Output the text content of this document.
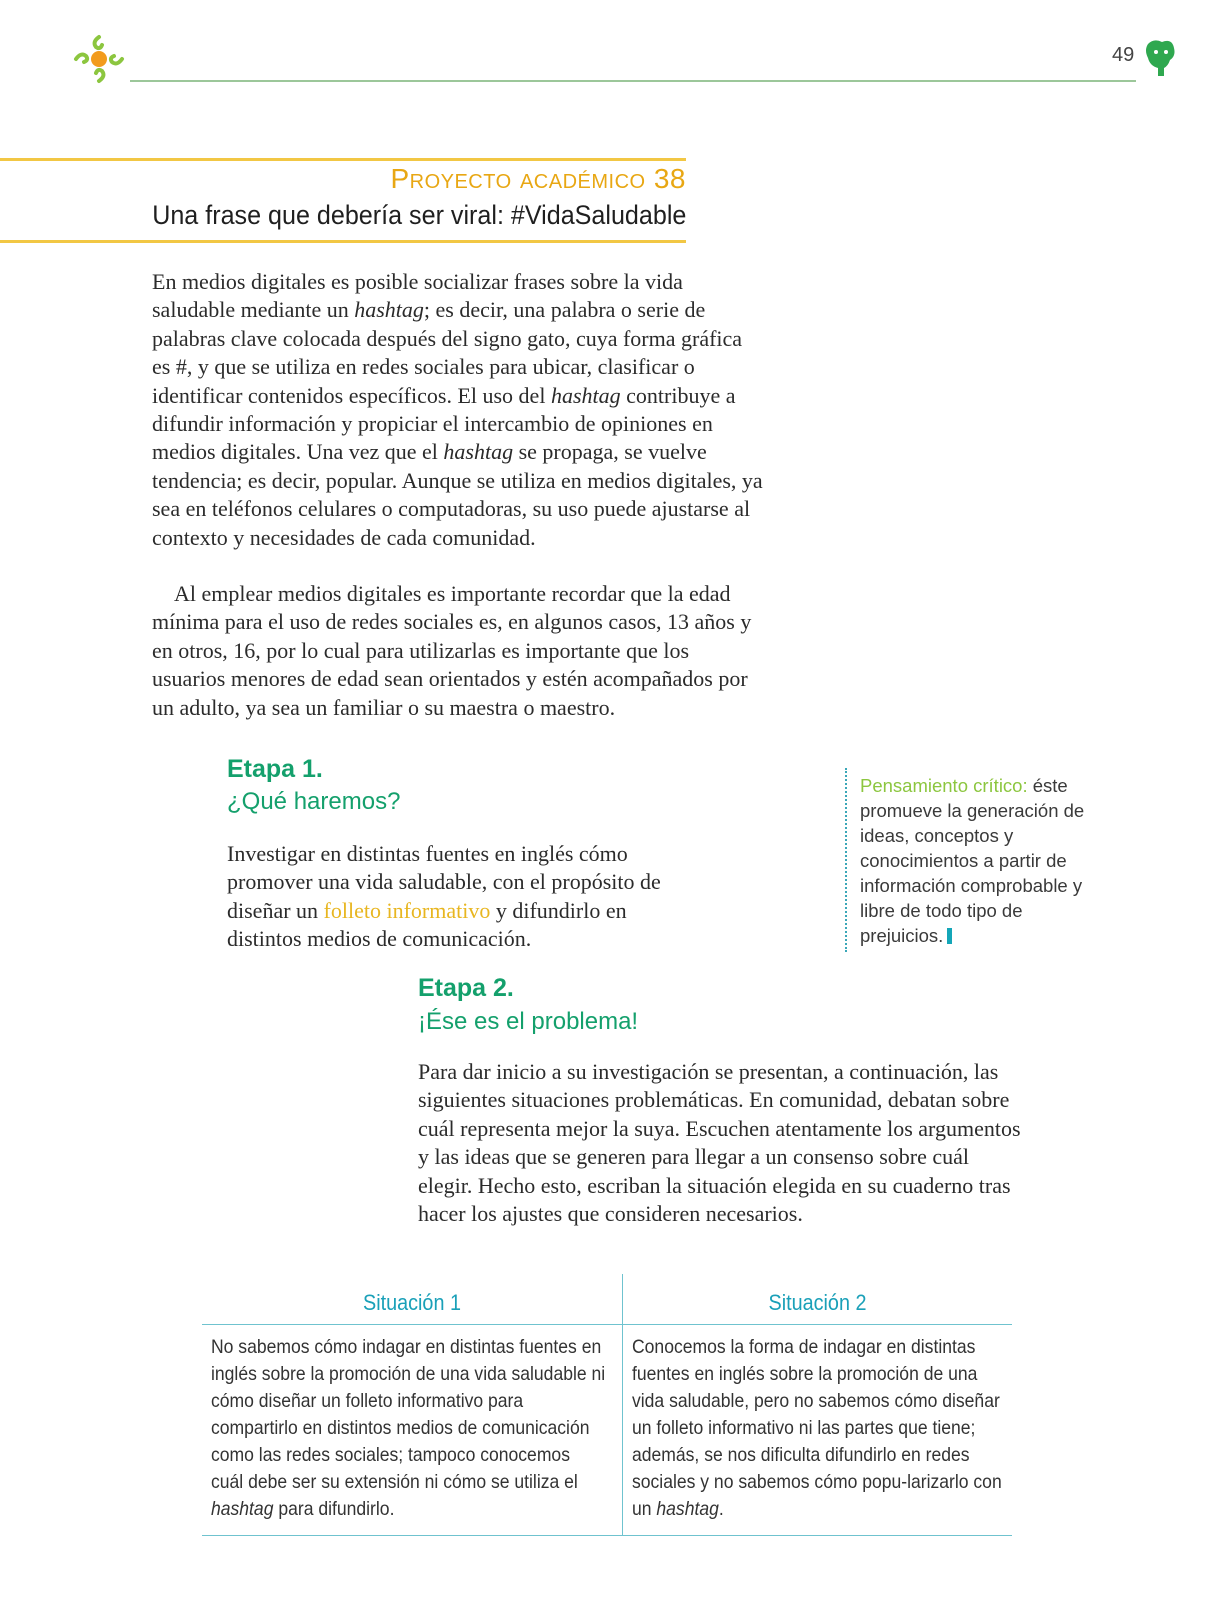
49
Proyecto académico 38
Una frase que debería ser viral: #VidaSaludable
En medios digitales es posible socializar frases sobre la vida saludable mediante un hashtag; es decir, una palabra o serie de palabras clave colocada después del signo gato, cuya forma gráfica es #, y que se utiliza en redes sociales para ubicar, clasificar o identificar contenidos específicos. El uso del hashtag contribuye a difundir información y propiciar el intercambio de opiniones en medios digitales. Una vez que el hashtag se propaga, se vuelve tendencia; es decir, popular. Aunque se utiliza en medios digitales, ya sea en teléfonos celulares o computadoras, su uso puede ajustarse al contexto y necesidades de cada comunidad.
Al emplear medios digitales es importante recordar que la edad mínima para el uso de redes sociales es, en algunos casos, 13 años y en otros, 16, por lo cual para utilizarlas es importante que los usuarios menores de edad sean orientados y estén acompañados por un adulto, ya sea un familiar o su maestra o maestro.
Etapa 1.
¿Qué haremos?
Investigar en distintas fuentes en inglés cómo promover una vida saludable, con el propósito de diseñar un folleto informativo y difundirlo en distintos medios de comunicación.
Pensamiento crítico: éste promueve la generación de ideas, conceptos y conocimientos a partir de información comprobable y libre de todo tipo de prejuicios.
Etapa 2.
¡Ése es el problema!
Para dar inicio a su investigación se presentan, a continuación, las siguientes situaciones problemáticas. En comunidad, debatan sobre cuál representa mejor la suya. Escuchen atentamente los argumentos y las ideas que se generen para llegar a un consenso sobre cuál elegir. Hecho esto, escriban la situación elegida en su cuaderno tras hacer los ajustes que consideren necesarios.
Situación 1	Situación 2
No sabemos cómo indagar en distintas fuentes en inglés sobre la promoción de una vida saludable ni cómo diseñar un folleto informativo para compartirlo en distintos medios de comunicación como las redes sociales; tampoco conocemos cuál debe ser su extensión ni cómo se utiliza el hashtag para difundirlo.
Conocemos la forma de indagar en distintas fuentes en inglés sobre la promoción de una vida saludable, pero no sabemos cómo diseñar un folleto informativo ni las partes que tiene; además, se nos dificulta difundirlo en redes sociales y no sabemos cómo popu-larizarlo con un hashtag.
